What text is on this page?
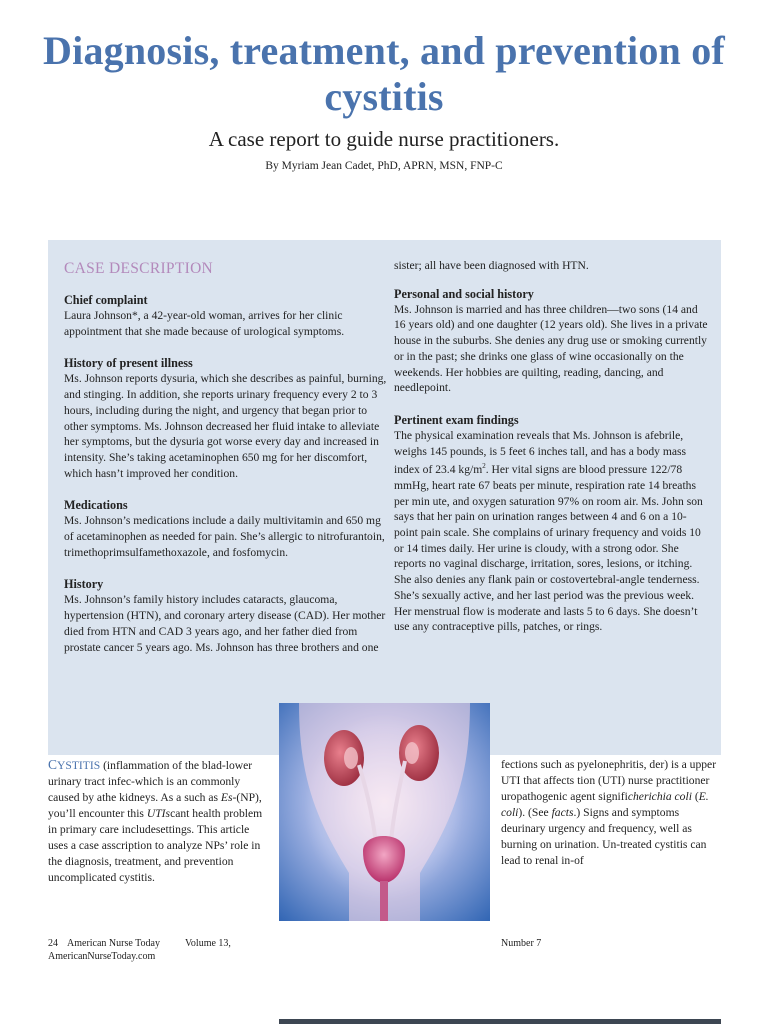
Diagnosis, treatment, and prevention of cystitis
A case report to guide nurse practitioners.
By Myriam Jean Cadet, PhD, APRN, MSN, FNP-C
CASE DESCRIPTION
Chief complaint

Laura Johnson*, a 42-year-old woman, arrives for her clinic appointment that she made because of urological symptoms.

History of present illness

Ms. Johnson reports dysuria, which she describes as painful, burning, and stinging. In addition, she reports urinary frequency every 2 to 3 hours, including during the night, and urgency that began prior to other symptoms. Ms. Johnson decreased her fluid intake to alleviate her symptoms, but the dysuria got worse every day and increased in intensity. She’s taking acetaminophen 650 mg for her discomfort, which hasn’t improved her condition.

Medications

Ms. Johnson’s medications include a daily multivitamin and 650 mg of acetaminophen as needed for pain. She’s allergic to nitrofurantoin, trimethoprimsulfamethoxazole, and fosfomycin.

History

Ms. Johnson’s family history includes cataracts, glaucoma, hypertension (HTN), and coronary artery disease (CAD). Her mother died from HTN and CAD 3 years ago, and her father died from prostate cancer 5 years ago. Ms. Johnson has three brothers and one

sister; all have been diagnosed with HTN.

Personal and social history

Ms. Johnson is married and has three children—two sons (14 and 16 years old) and one daughter (12 years old). She lives in a private house in the suburbs. She denies any drug use or smoking currently or in the past; she drinks one glass of wine occasionally on the weekends. Her hobbies are quilting, reading, dancing, and needlepoint.

Pertinent exam findings

The physical examination reveals that Ms. Johnson is afebrile, weighs 145 pounds, is 5 feet 6 inches tall, and has a body mass index of 23.4 $kg/m^2$. Her vital signs are blood pressure 122/78 mmHg, heart rate 67 beats per minute, respiration rate 14 breaths per min ute, and oxygen saturation 97% on room air. Ms. John son says that her pain on urination ranges between 4 and 6 on a 10-point pain scale. She complains of urinary frequency and voids 10 or 14 times daily. Her urine is cloudy, with a strong odor. She reports no vaginal discharge, irritation, sores, lesions, or itching. She also denies any flank pain or costovertebral-angle tenderness. She’s sexually active, and her last period was the previous week. Her menstrual flow is moderate and lasts 5 to 6 days. She doesn’t use any contraceptive pills, patches, or rings.

CYSTITIS (inflammation of the blad-lower urinary tract infec-which is an commonly caused by athe kidneys. As a such as Es-(NP), you’ll encounter this UTIscant health problem in primary care includesettings. This article uses a case asscription to analyze NPs’ role in the diagnosis, treatment, and prevention uncomplicated cystitis.
fections such as pyelonephritis, der) is a upper UTI that affects tion (UTI) nurse practitioner uropathogenic agent significherichia coli (E. coli). (See facts.) Signs and symptoms deurinary urgency and frequency, well as burning on urination. Un-treated cystitis can lead to renal in-of
24 American Nurse Today	Volume 13,
AmericanNurseToday.com
Number 7
